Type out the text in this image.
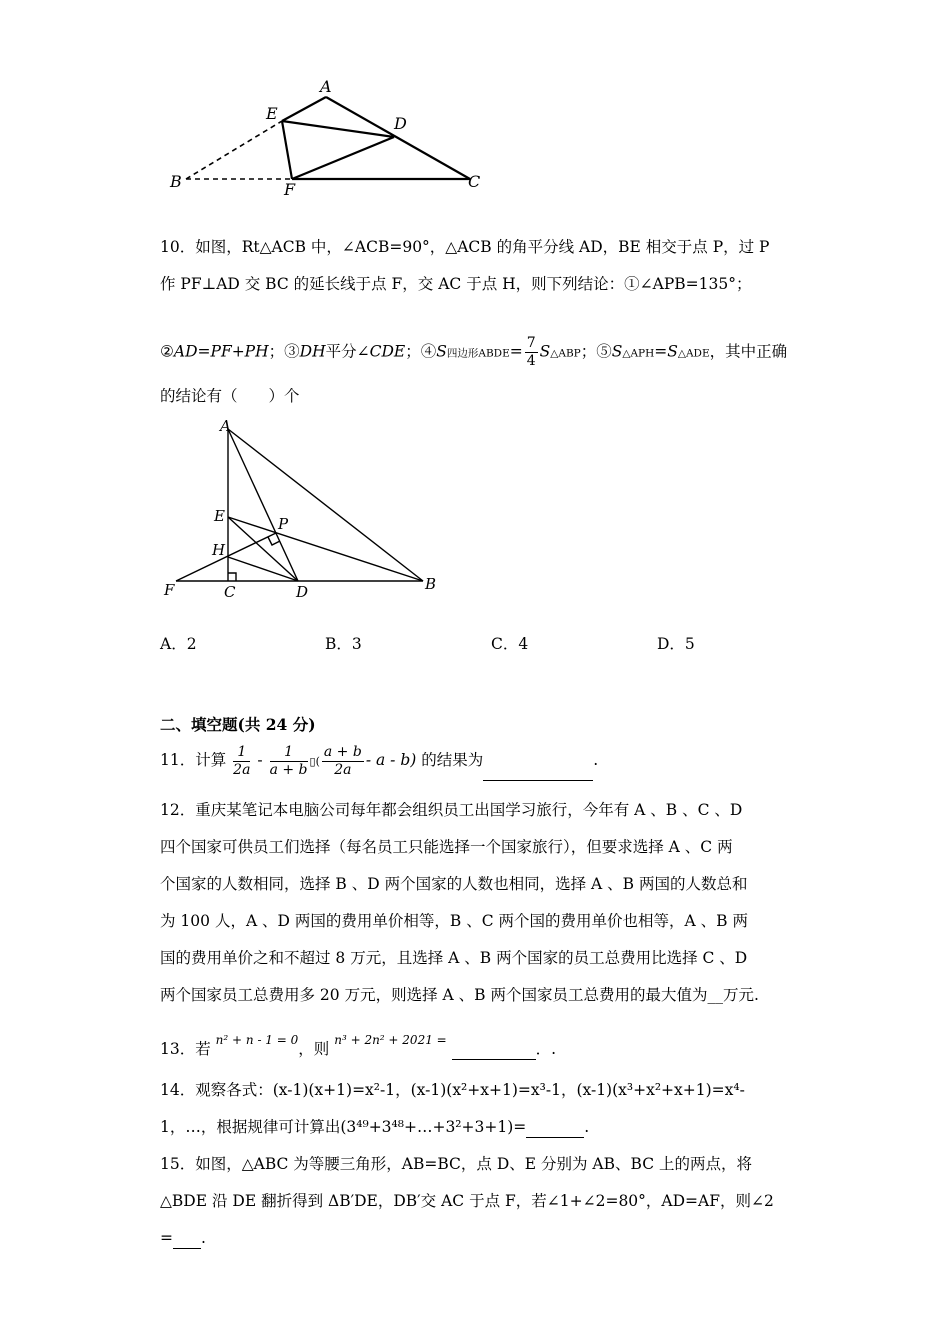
A
E
D
B	F	C
10．如图，Rt△ACB 中，∠ACB=90°，△ACB 的角平分线 AD，BE 相交于点 P，过 P
作 PF⊥AD 交 BC 的延长线于点 F，交 AC 于点 H，则下列结论：①∠APB=135°；
②AD=PF+PH；③DH平分∠CDE；④S四边形ABDE= $\frac{7}{4}$ S△ABP；⑤S△APH=S△ADE，其中正确
的结论有（　　）个
A
E	P
H
F	C	D	B
A．2	B．3	C．4	D．5
二、填空题(共 24 分)
11．计算 $\frac{1}{2a} - \frac{1}{a + b}$ ▯( $\frac{a + b}{2a}$ - a - b) 的结果为	.
12．重庆某笔记本电脑公司每年都会组织员工出国学习旅行，今年有 A 、B 、C 、D
四个国家可供员工们选择（每名员工只能选择一个国家旅行），但要求选择 A 、C 两
个国家的人数相同，选择 B 、D 两个国家的人数也相同，选择 A 、B 两国的人数总和
为 100 人，A 、D 两国的费用单价相等，B 、C 两个国的费用单价也相等，A 、B 两
国的费用单价之和不超过 8 万元，且选择 A 、B 两个国家的员工总费用比选择 C 、D
两个国家员工总费用多 20 万元，则选择 A 、B 两个国家员工总费用的最大值为__万元.
13．若 $^{n^2 + n - 1 = 0}$，则 $^{n^3 + 2n^2 + 2021 =}$	．.
14．观察各式：(x-1)(x+1)=x²-1，(x-1)(x²+x+1)=x³-1，(x-1)(x³+x²+x+1)=x⁴-
1，…，根据规律可计算出(3⁴⁹+3⁴⁸+…+3²+3+1)=	.
15．如图，△ABC 为等腰三角形，AB=BC，点 D、E 分别为 AB、BC 上的两点，将
△BDE 沿 DE 翻折得到 ΔB′DE，DB′交 AC 于点 F，若∠1+∠2=80°，AD=AF，则∠2
= .
